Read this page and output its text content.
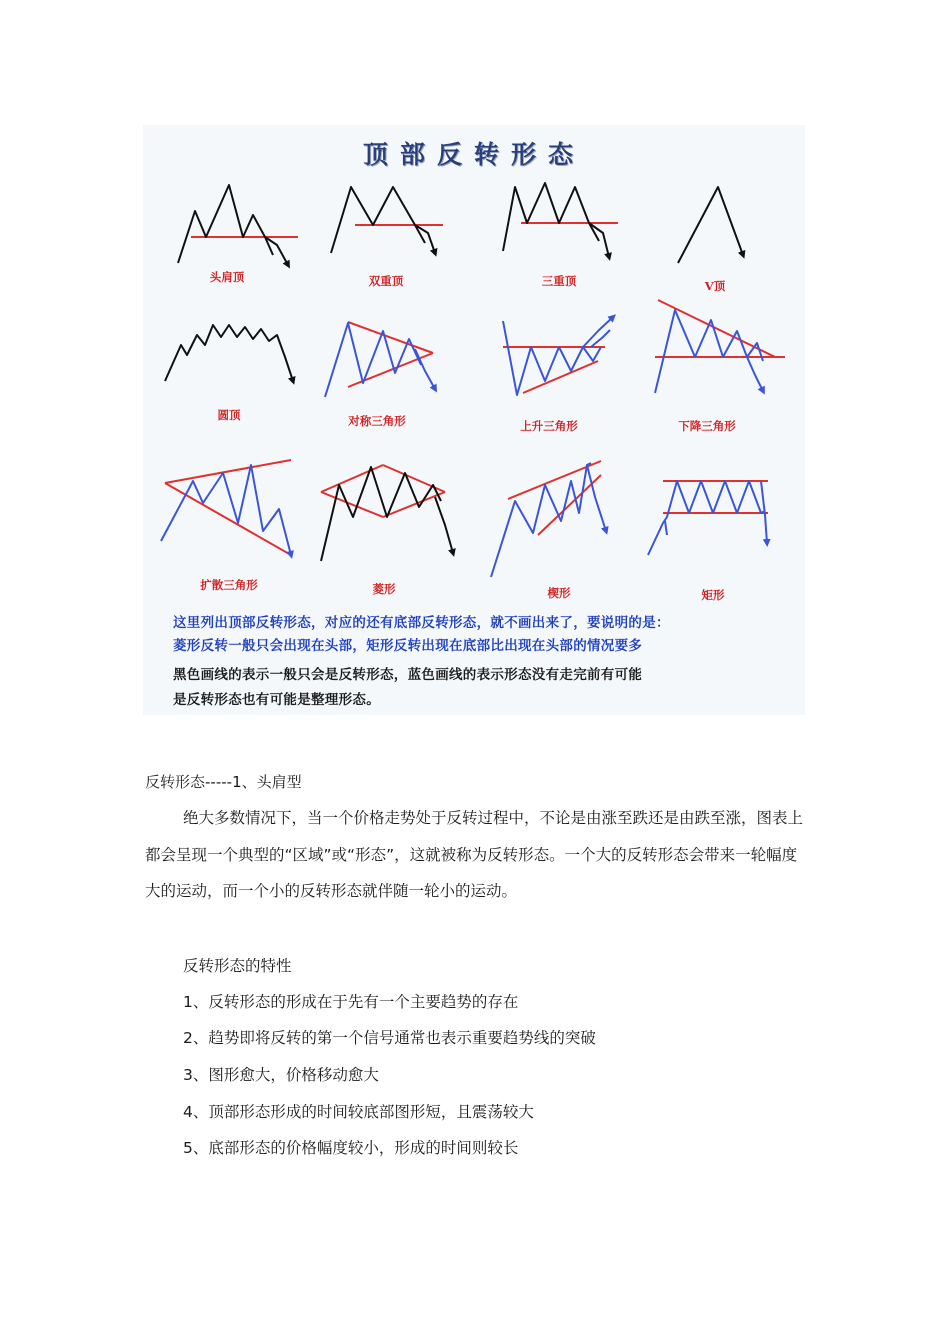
顶部反转形态
头肩顶	双重顶	三重顶	V顶
圆顶	对称三角形	上升三角形	下降三角形
扩散三角形	菱形	楔形	矩形
这里列出顶部反转形态，对应的还有底部反转形态，就不画出来了，要说明的是：
菱形反转一般只会出现在头部，矩形反转出现在底部比出现在头部的情况要多
黑色画线的表示一般只会是反转形态，蓝色画线的表示形态没有走完前有可能
是反转形态也有可能是整理形态。
反转形态-----1、头肩型
绝大多数情况下，当一个价格走势处于反转过程中，不论是由涨至跌还是由跌至涨，图表上都会呈现一个典型的“区域”或“形态”，这就被称为反转形态。一个大的反转形态会带来一轮幅度大的运动，而一个小的反转形态就伴随一轮小的运动。
反转形态的特性
1、反转形态的形成在于先有一个主要趋势的存在
2、趋势即将反转的第一个信号通常也表示重要趋势线的突破
3、图形愈大，价格移动愈大
4、顶部形态形成的时间较底部图形短，且震荡较大
5、底部形态的价格幅度较小，形成的时间则较长
